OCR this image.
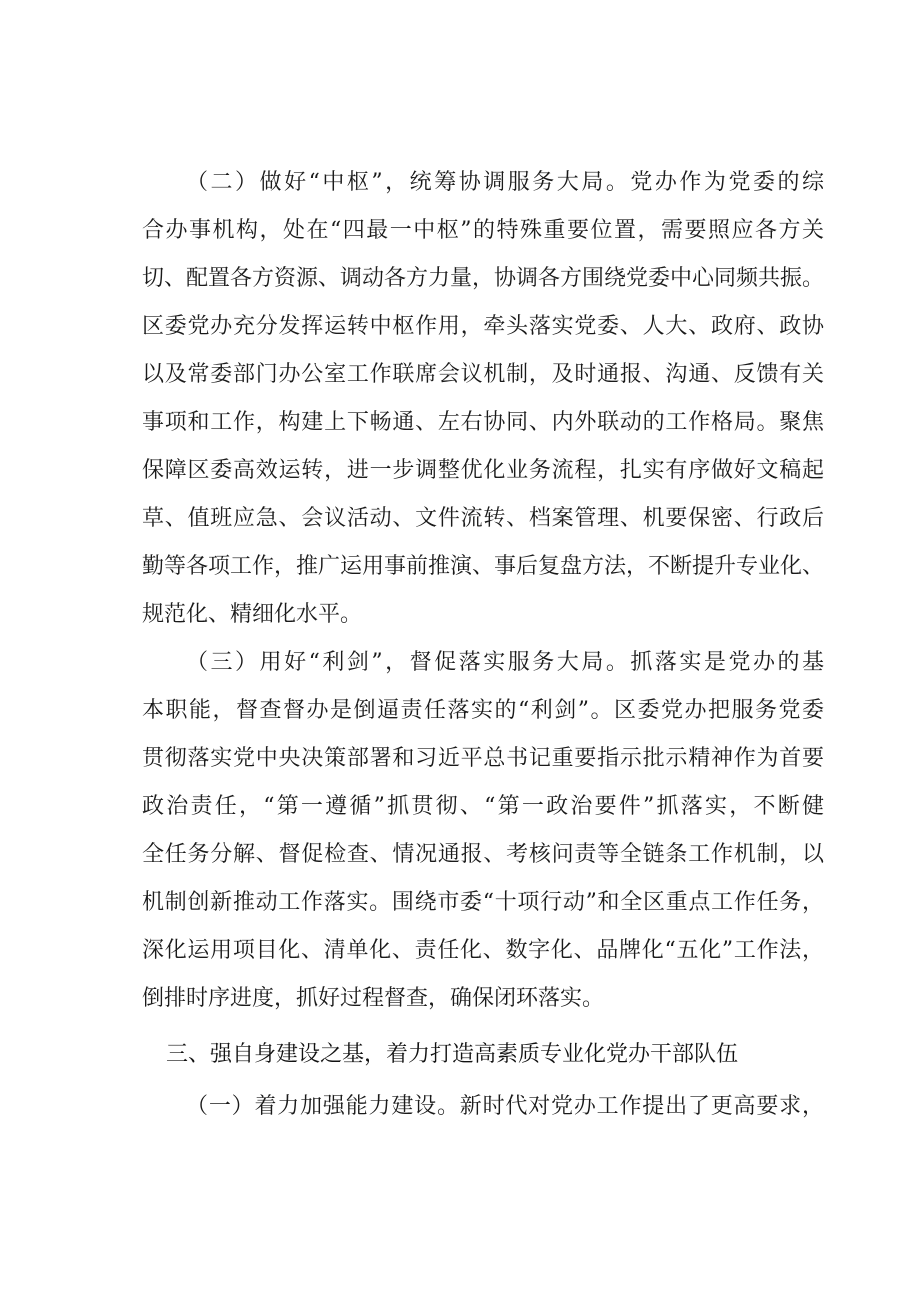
（二）做好“中枢”，统筹协调服务大局。党办作为党委的综
合办事机构，处在“四最一中枢”的特殊重要位置，需要照应各方关
切、配置各方资源、调动各方力量，协调各方围绕党委中心同频共振。
区委党办充分发挥运转中枢作用，牵头落实党委、人大、政府、政协
以及常委部门办公室工作联席会议机制，及时通报、沟通、反馈有关
事项和工作，构建上下畅通、左右协同、内外联动的工作格局。聚焦
保障区委高效运转，进一步调整优化业务流程，扎实有序做好文稿起
草、值班应急、会议活动、文件流转、档案管理、机要保密、行政后
勤等各项工作，推广运用事前推演、事后复盘方法，不断提升专业化、
规范化、精细化水平。
（三）用好“利剑”，督促落实服务大局。抓落实是党办的基
本职能，督查督办是倒逼责任落实的“利剑”。区委党办把服务党委
贯彻落实党中央决策部署和习近平总书记重要指示批示精神作为首要
政治责任，“第一遵循”抓贯彻、“第一政治要件”抓落实，不断健
全任务分解、督促检查、情况通报、考核问责等全链条工作机制，以
机制创新推动工作落实。围绕市委“十项行动”和全区重点工作任务，
深化运用项目化、清单化、责任化、数字化、品牌化“五化”工作法，
倒排时序进度，抓好过程督查，确保闭环落实。
三、强自身建设之基，着力打造高素质专业化党办干部队伍
（一）着力加强能力建设。新时代对党办工作提出了更高要求，
